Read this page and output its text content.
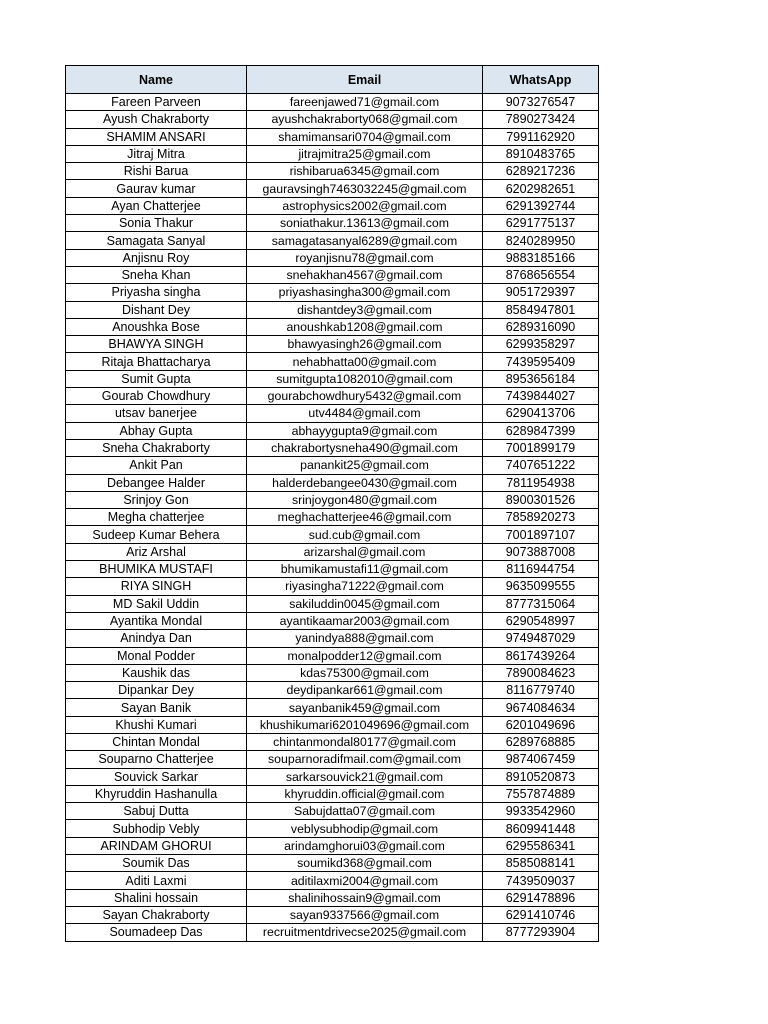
Name	Email	WhatsApp
Fareen Parveen	fareenjawed71@gmail.com	9073276547
Ayush Chakraborty	ayushchakraborty068@gmail.com	7890273424
SHAMIM ANSARI	shamimansari0704@gmail.com	7991162920
Jitraj Mitra	jitrajmitra25@gmail.com	8910483765
Rishi Barua	rishibarua6345@gmail.com	6289217236
Gaurav kumar	gauravsingh7463032245@gmail.com	6202982651
Ayan Chatterjee	astrophysics2002@gmail.com	6291392744
Sonia Thakur	soniathakur.13613@gmail.com	6291775137
Samagata Sanyal	samagatasanyal6289@gmail.com	8240289950
Anjisnu Roy	royanjisnu78@gmail.com	9883185166
Sneha Khan	snehakhan4567@gmail.com	8768656554
Priyasha singha	priyashasingha300@gmail.com	9051729397
Dishant Dey	dishantdey3@gmail.com	8584947801
Anoushka Bose	anoushkab1208@gmail.com	6289316090
BHAWYA SINGH	bhawyasingh26@gmail.com	6299358297
Ritaja Bhattacharya	nehabhatta00@gmail.com	7439595409
Sumit Gupta	sumitgupta1082010@gmail.com	8953656184
Gourab Chowdhury	gourabchowdhury5432@gmail.com	7439844027
utsav banerjee	utv4484@gmail.com	6290413706
Abhay Gupta	abhayygupta9@gmail.com	6289847399
Sneha Chakraborty	chakrabortysneha490@gmail.com	7001899179
Ankit Pan	panankit25@gmail.com	7407651222
Debangee Halder	halderdebangee0430@gmail.com	7811954938
Srinjoy Gon	srinjoygon480@gmail.com	8900301526
Megha chatterjee	meghachatterjee46@gmail.com	7858920273
Sudeep Kumar Behera	sud.cub@gmail.com	7001897107
Ariz Arshal	arizarshal@gmail.com	9073887008
BHUMIKA MUSTAFI	bhumikamustafi11@gmail.com	8116944754
RIYA SINGH	riyasingha71222@gmail.com	9635099555
MD Sakil Uddin	sakiluddin0045@gmail.com	8777315064
Ayantika Mondal	ayantikaamar2003@gmail.com	6290548997
Anindya Dan	yanindya888@gmail.com	9749487029
Monal Podder	monalpodder12@gmail.com	8617439264
Kaushik das	kdas75300@gmail.com	7890084623
Dipankar Dey	deydipankar661@gmail.com	8116779740
Sayan Banik	sayanbanik459@gmail.com	9674084634
Khushi Kumari	khushikumari6201049696@gmail.com	6201049696
Chintan Mondal	chintanmondal80177@gmail.com	6289768885
Souparno Chatterjee	souparnoradifmail.com@gmail.com	9874067459
Souvick Sarkar	sarkarsouvick21@gmail.com	8910520873
Khyruddin Hashanulla	khyruddin.official@gmail.com	7557874889
Sabuj Dutta	Sabujdatta07@gmail.com	9933542960
Subhodip Vebly	veblysubhodip@gmail.com	8609941448
ARINDAM GHORUI	arindamghorui03@gmail.com	6295586341
Soumik Das	soumikd368@gmail.com	8585088141
Aditi Laxmi	aditilaxmi2004@gmail.com	7439509037
Shalini hossain	shalinihossain9@gmail.com	6291478896
Sayan Chakraborty	sayan9337566@gmail.com	6291410746
Soumadeep Das	recruitmentdrivecse2025@gmail.com	8777293904
